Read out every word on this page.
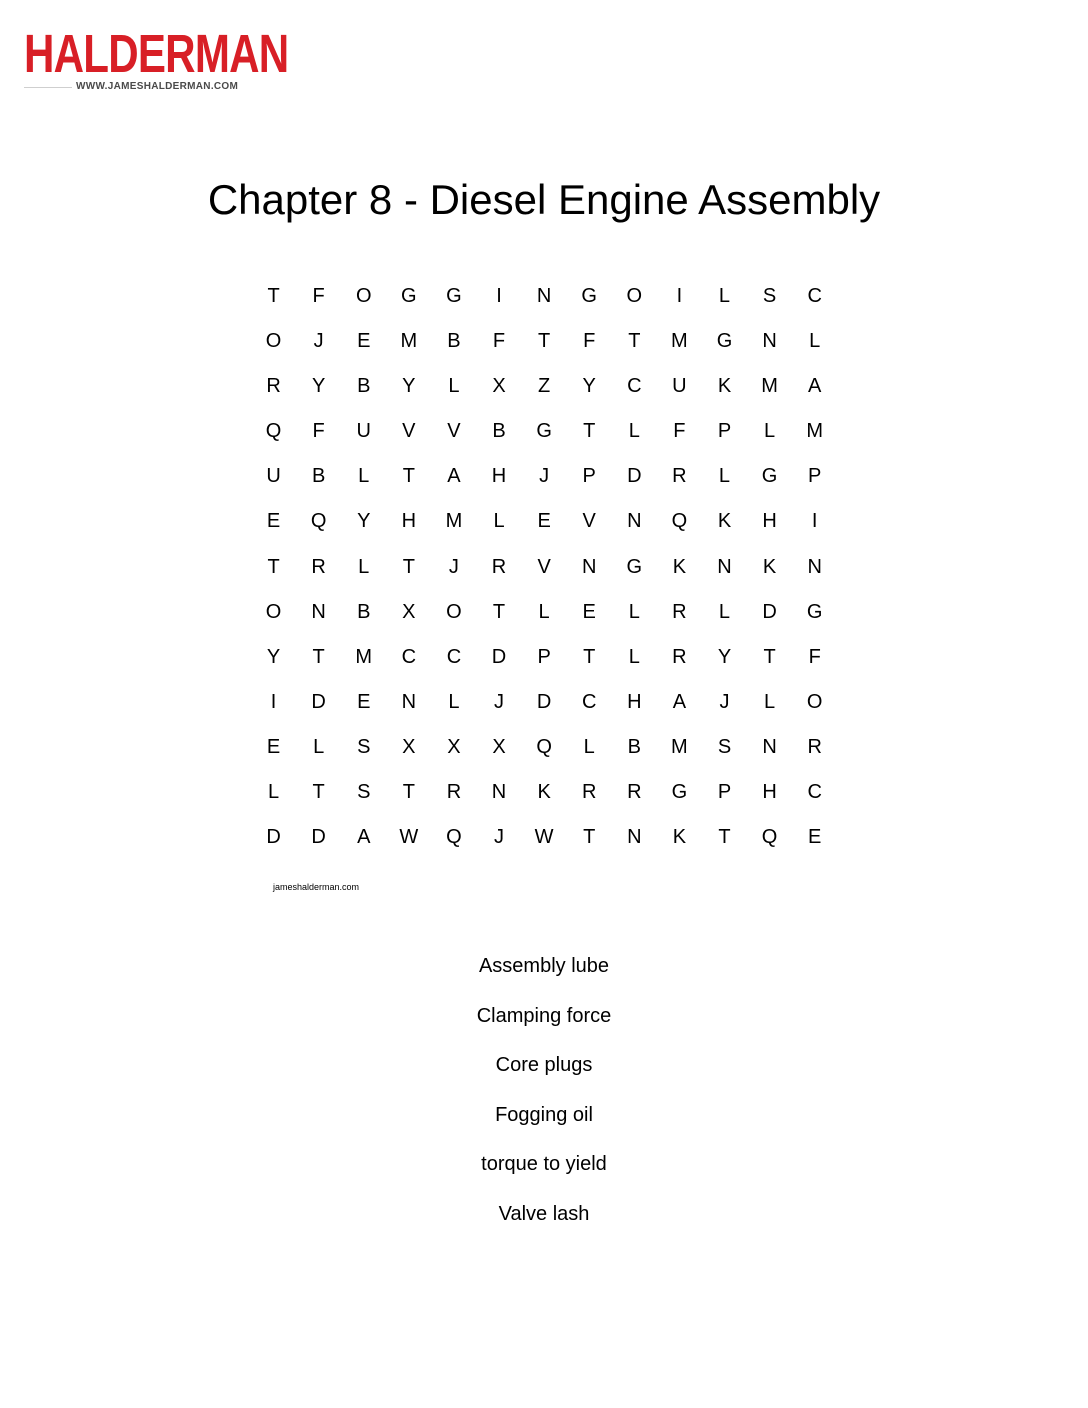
HALDERMAN
WWW.JAMESHALDERMAN.COM
Chapter 8 - Diesel Engine Assembly
T	F	O	G	G	I	N	G	O	I	L	S	C
O	J	E	M	B	F	T	F	T	M	G	N	L
R	Y	B	Y	L	X	Z	Y	C	U	K	M	A
Q	F	U	V	V	B	G	T	L	F	P	L	M
U	B	L	T	A	H	J	P	D	R	L	G	P
E	Q	Y	H	M	L	E	V	N	Q	K	H	I
T	R	L	T	J	R	V	N	G	K	N	K	N
O	N	B	X	O	T	L	E	L	R	L	D	G
Y	T	M	C	C	D	P	T	L	R	Y	T	F
I	D	E	N	L	J	D	C	H	A	J	L	O
E	L	S	X	X	X	Q	L	B	M	S	N	R
L	T	S	T	R	N	K	R	R	G	P	H	C
D	D	A	W	Q	J	W	T	N	K	T	Q	E
jameshalderman.com
Assembly lube
Clamping force
Core plugs
Fogging oil
torque to yield
Valve lash
